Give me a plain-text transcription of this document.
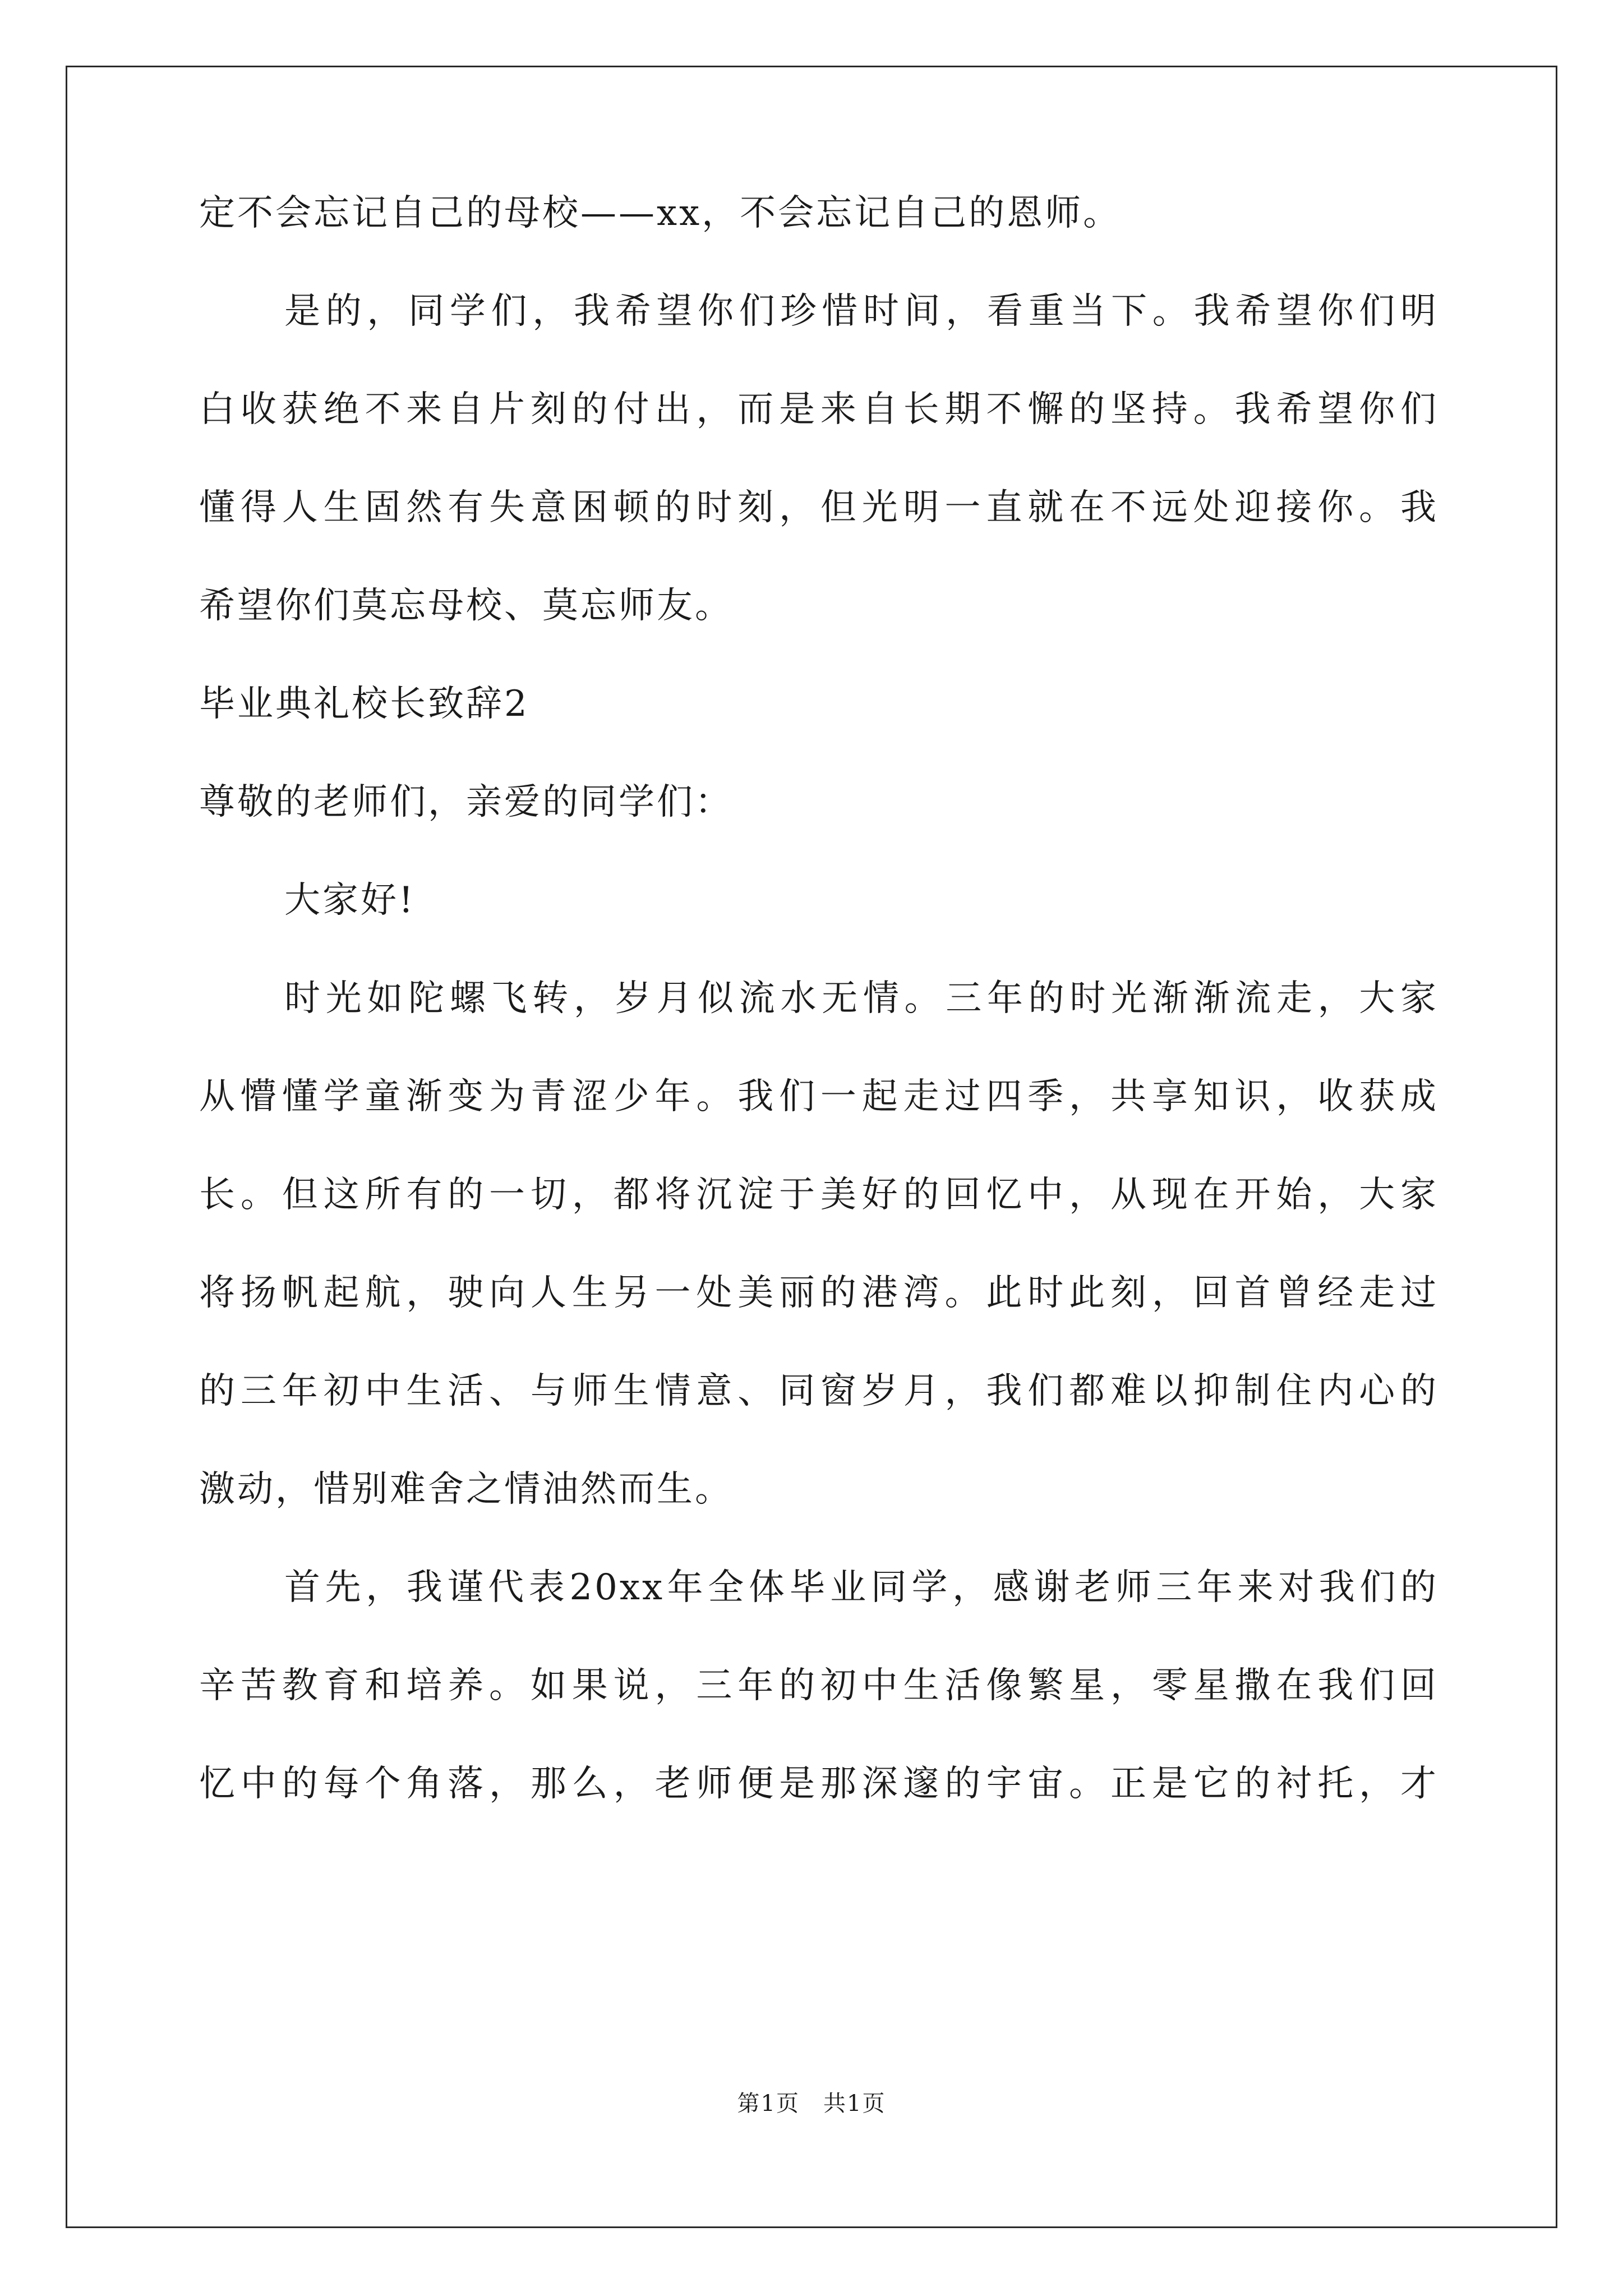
定不会忘记自己的母校——xx，不会忘记自己的恩师。
是的，同学们，我希望你们珍惜时间，看重当下。我希望你们明
白收获绝不来自片刻的付出，而是来自长期不懈的坚持。我希望你们
懂得人生固然有失意困顿的时刻，但光明一直就在不远处迎接你。我
希望你们莫忘母校、莫忘师友。
毕业典礼校长致辞2
尊敬的老师们，亲爱的同学们：
大家好!
时光如陀螺飞转，岁月似流水无情。三年的时光渐渐流走，大家
从懵懂学童渐变为青涩少年。我们一起走过四季，共享知识，收获成
长。但这所有的一切，都将沉淀于美好的回忆中，从现在开始，大家
将扬帆起航，驶向人生另一处美丽的港湾。此时此刻，回首曾经走过
的三年初中生活、与师生情意、同窗岁月，我们都难以抑制住内心的
激动，惜别难舍之情油然而生。
首先，我谨代表20xx年全体毕业同学，感谢老师三年来对我们的
辛苦教育和培养。如果说，三年的初中生活像繁星，零星撒在我们回
忆中的每个角落，那么，老师便是那深邃的宇宙。正是它的衬托，才
第1页　共1页
